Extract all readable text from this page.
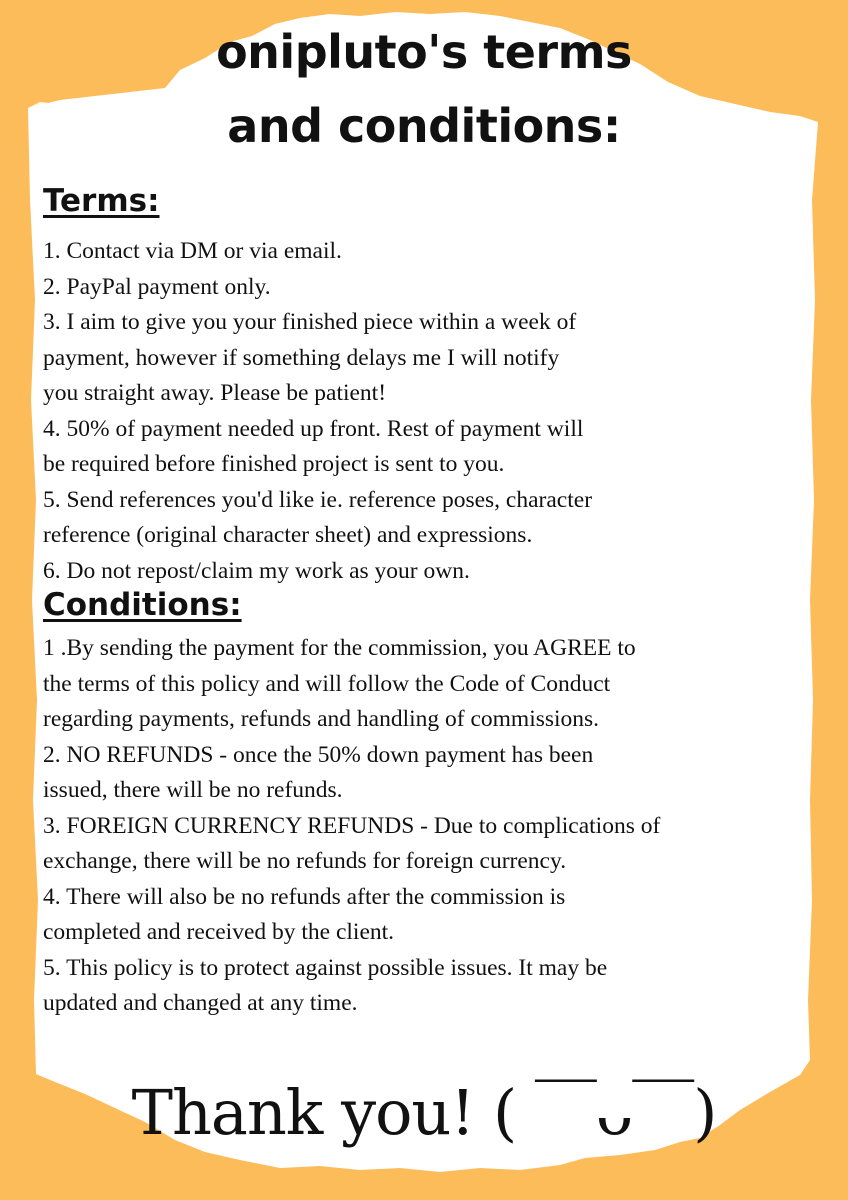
onipluto's terms
and conditions:
Terms:
1. Contact via DM or via email.
2. PayPal payment only.
3. I aim to give you your finished piece within a week of
payment, however if something delays me I will notify
you straight away. Please be patient!
4. 50% of payment needed up front. Rest of payment will
be required before finished project is sent to you.
5. Send references you'd like ie. reference poses, character
reference (original character sheet) and expressions.
6. Do not repost/claim my work as your own.
Conditions:
1 .By sending the payment for the commission, you AGREE to
the terms of this policy and will follow the Code of Conduct
regarding payments, refunds and handling of commissions.
2. NO REFUNDS - once the 50% down payment has been
issued, there will be no refunds.
3. FOREIGN CURRENCY REFUNDS - Due to complications of
exchange, there will be no refunds for foreign currency.
4. There will also be no refunds after the commission is
completed and received by the client.
5. This policy is to protect against possible issues. It may be
updated and changed at any time.

Thank you! ( ￣ᴗ￣)
